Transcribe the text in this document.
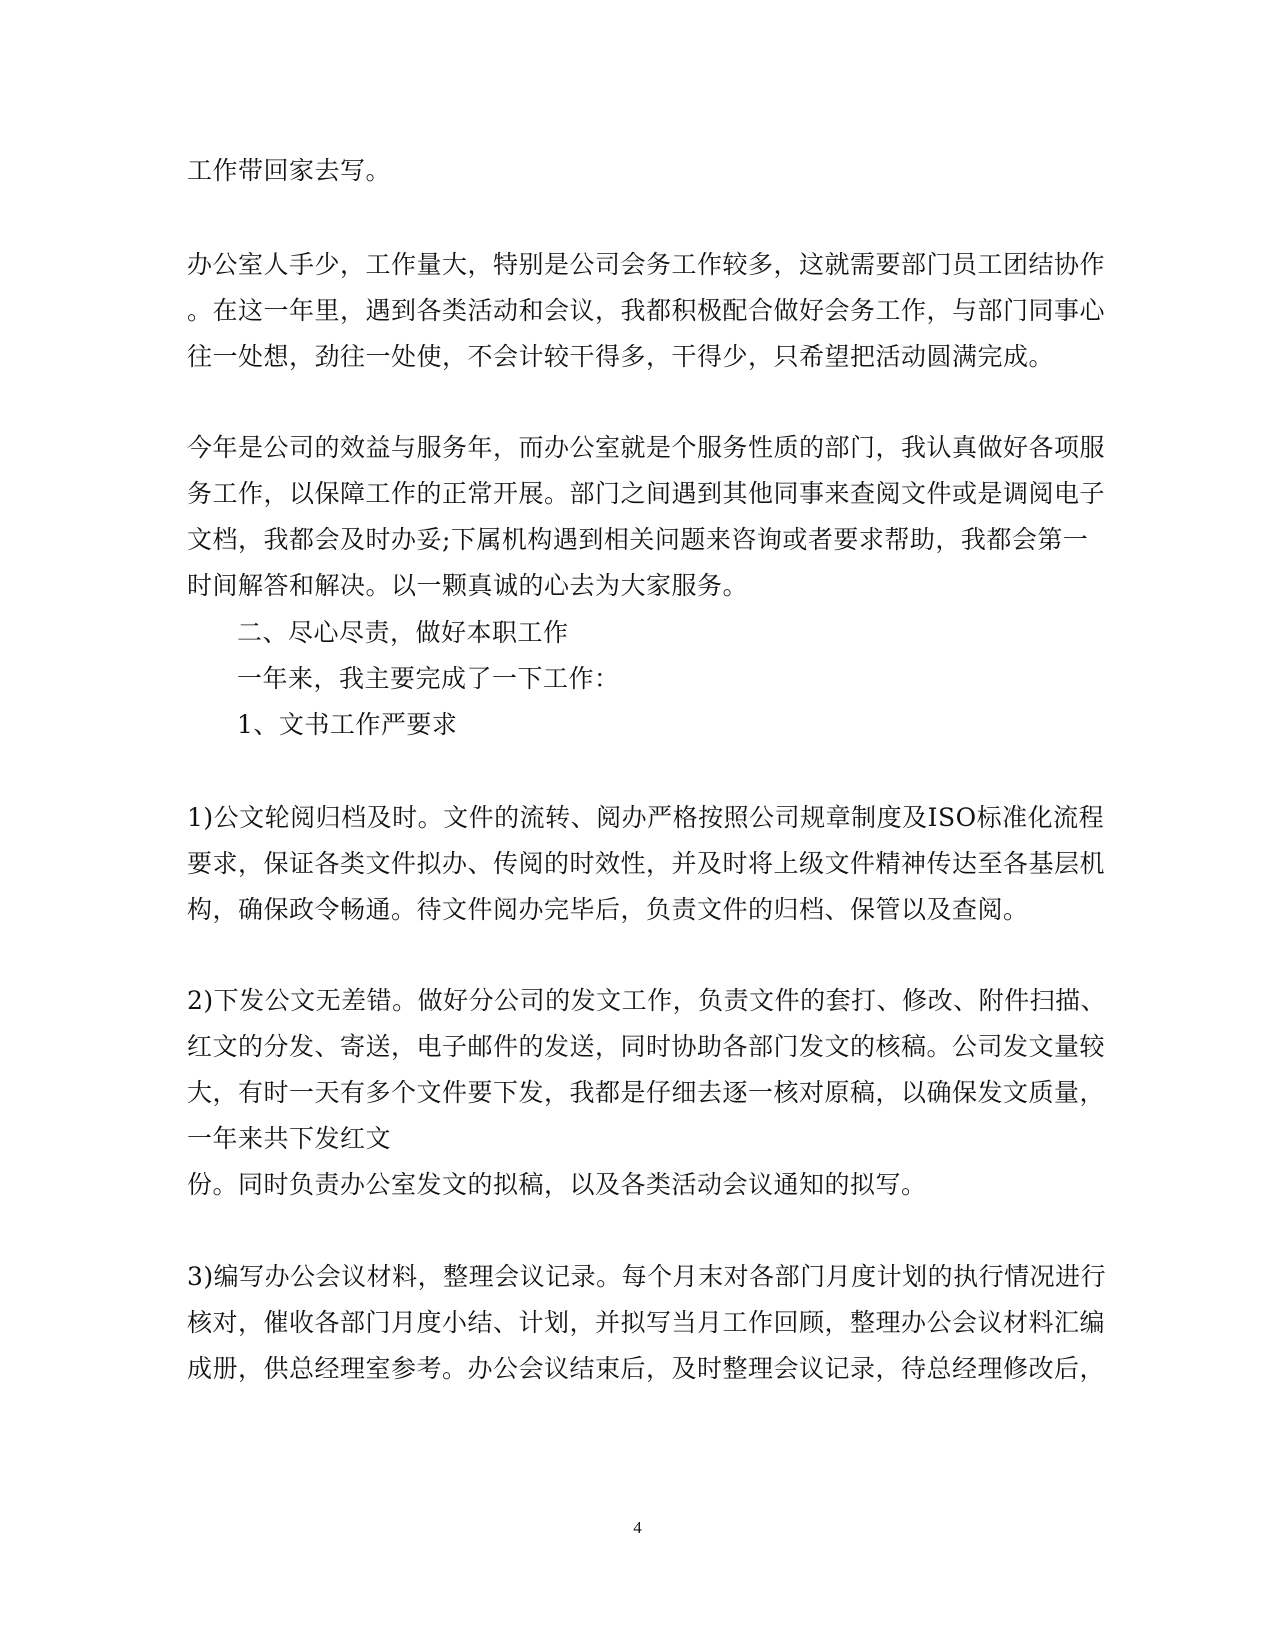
工作带回家去写。
办公室人手少，工作量大，特别是公司会务工作较多，这就需要部门员工团结协作
。在这一年里，遇到各类活动和会议，我都积极配合做好会务工作，与部门同事心
往一处想，劲往一处使，不会计较干得多，干得少，只希望把活动圆满完成。
今年是公司的效益与服务年，而办公室就是个服务性质的部门，我认真做好各项服
务工作，以保障工作的正常开展。部门之间遇到其他同事来查阅文件或是调阅电子
文档，我都会及时办妥;下属机构遇到相关问题来咨询或者要求帮助，我都会第一
时间解答和解决。以一颗真诚的心去为大家服务。
二、尽心尽责，做好本职工作
一年来，我主要完成了一下工作：
1、文书工作严要求
1)公文轮阅归档及时。文件的流转、阅办严格按照公司规章制度及ISO标准化流程
要求，保证各类文件拟办、传阅的时效性，并及时将上级文件精神传达至各基层机
构，确保政令畅通。待文件阅办完毕后，负责文件的归档、保管以及查阅。
2)下发公文无差错。做好分公司的发文工作，负责文件的套打、修改、附件扫描、
红文的分发、寄送，电子邮件的发送，同时协助各部门发文的核稿。公司发文量较
大，有时一天有多个文件要下发，我都是仔细去逐一核对原稿，以确保发文质量，
一年来共下发红文
份。同时负责办公室发文的拟稿，以及各类活动会议通知的拟写。
3)编写办公会议材料，整理会议记录。每个月末对各部门月度计划的执行情况进行
核对，催收各部门月度小结、计划，并拟写当月工作回顾，整理办公会议材料汇编
成册，供总经理室参考。办公会议结束后，及时整理会议记录，待总经理修改后，
4
